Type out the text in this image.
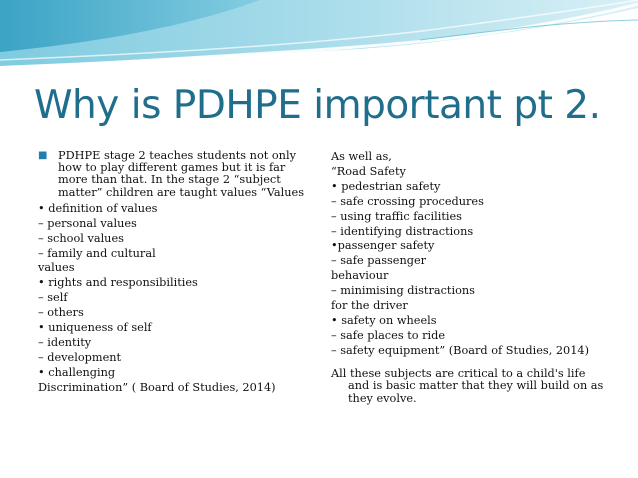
Why is PDHPE important pt 2.
■ PDHPE stage 2 teaches students not only how to play different games but it is far more than that. In the stage 2 “subject matter” children are taught values “Values
• definition of values
– personal values
– school values
– family and cultural
values
• rights and responsibilities
– self
– others
• uniqueness of self
– identity
– development
• challenging
Discrimination” ( Board of Studies, 2014)
As well as,
“Road Safety
• pedestrian safety
– safe crossing procedures
– using traffic facilities
– identifying distractions
•passenger safety
– safe passenger
behaviour
– minimising distractions
for the driver
• safety on wheels
– safe places to ride
– safety equipment” (Board of Studies, 2014)
All these subjects are critical to a child's life and is basic matter that they will build on as they evolve.
